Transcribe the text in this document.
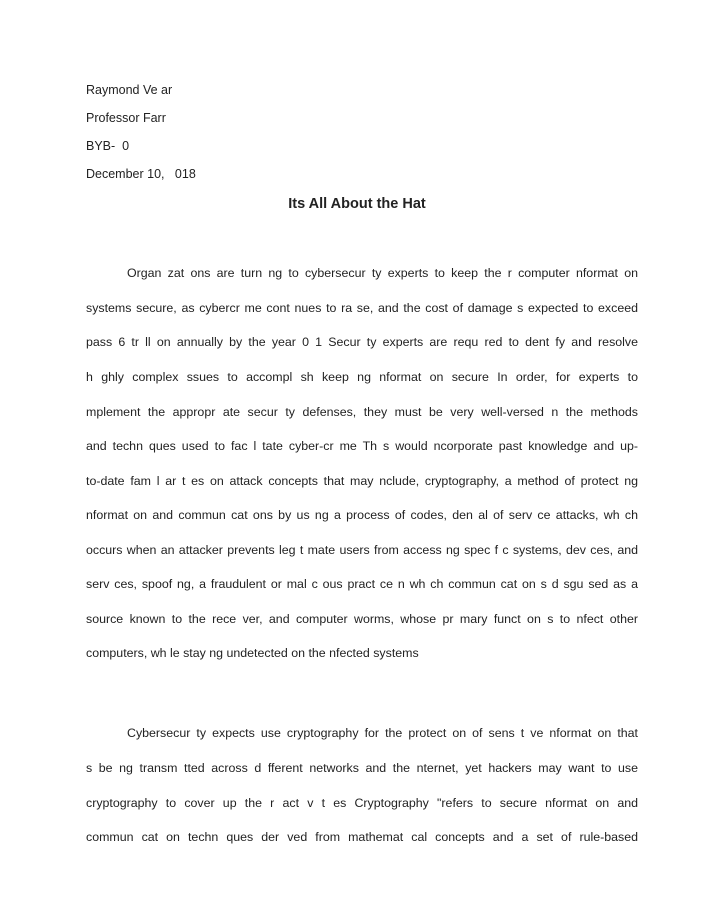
Raymond Ve ar
Professor Farr
BYB-  0
December 10,   018
Its All About the Hat
Organ zat ons are turn ng to cybersecur ty experts to keep the r computer nformat on
systems secure, as cybercr me cont nues to ra se, and the cost of damage s expected to exceed
pass 6 tr ll on annually by the year 0 1 Secur ty experts are requ red to dent fy and resolve
h ghly complex ssues to accompl sh keep ng nformat on secure In order, for experts to
mplement the appropr ate secur ty defenses, they must be very well-versed n the methods
and techn ques used to fac l tate cyber-cr me Th s would ncorporate past knowledge and up-
to-date fam l ar t es on attack concepts that may nclude, cryptography, a method of protect ng
nformat on and commun cat ons by us ng a process of codes, den al of serv ce attacks, wh ch
occurs when an attacker prevents leg t mate users from access ng spec f c systems, dev ces, and
serv ces, spoof ng, a fraudulent or mal c ous pract ce n wh ch commun cat on s d sgu sed as a
source known to the rece ver, and computer worms, whose pr mary funct on s to nfect other
computers, wh le stay ng undetected on the nfected systems
Cybersecur ty expects use cryptography for the protect on of sens t ve nformat on that
s be ng transm tted across d fferent networks and the nternet, yet hackers may want to use
cryptography to cover up the r act v t es Cryptography "refers to secure nformat on and
commun cat on techn ques der ved from mathemat cal concepts and a set of rule-based
